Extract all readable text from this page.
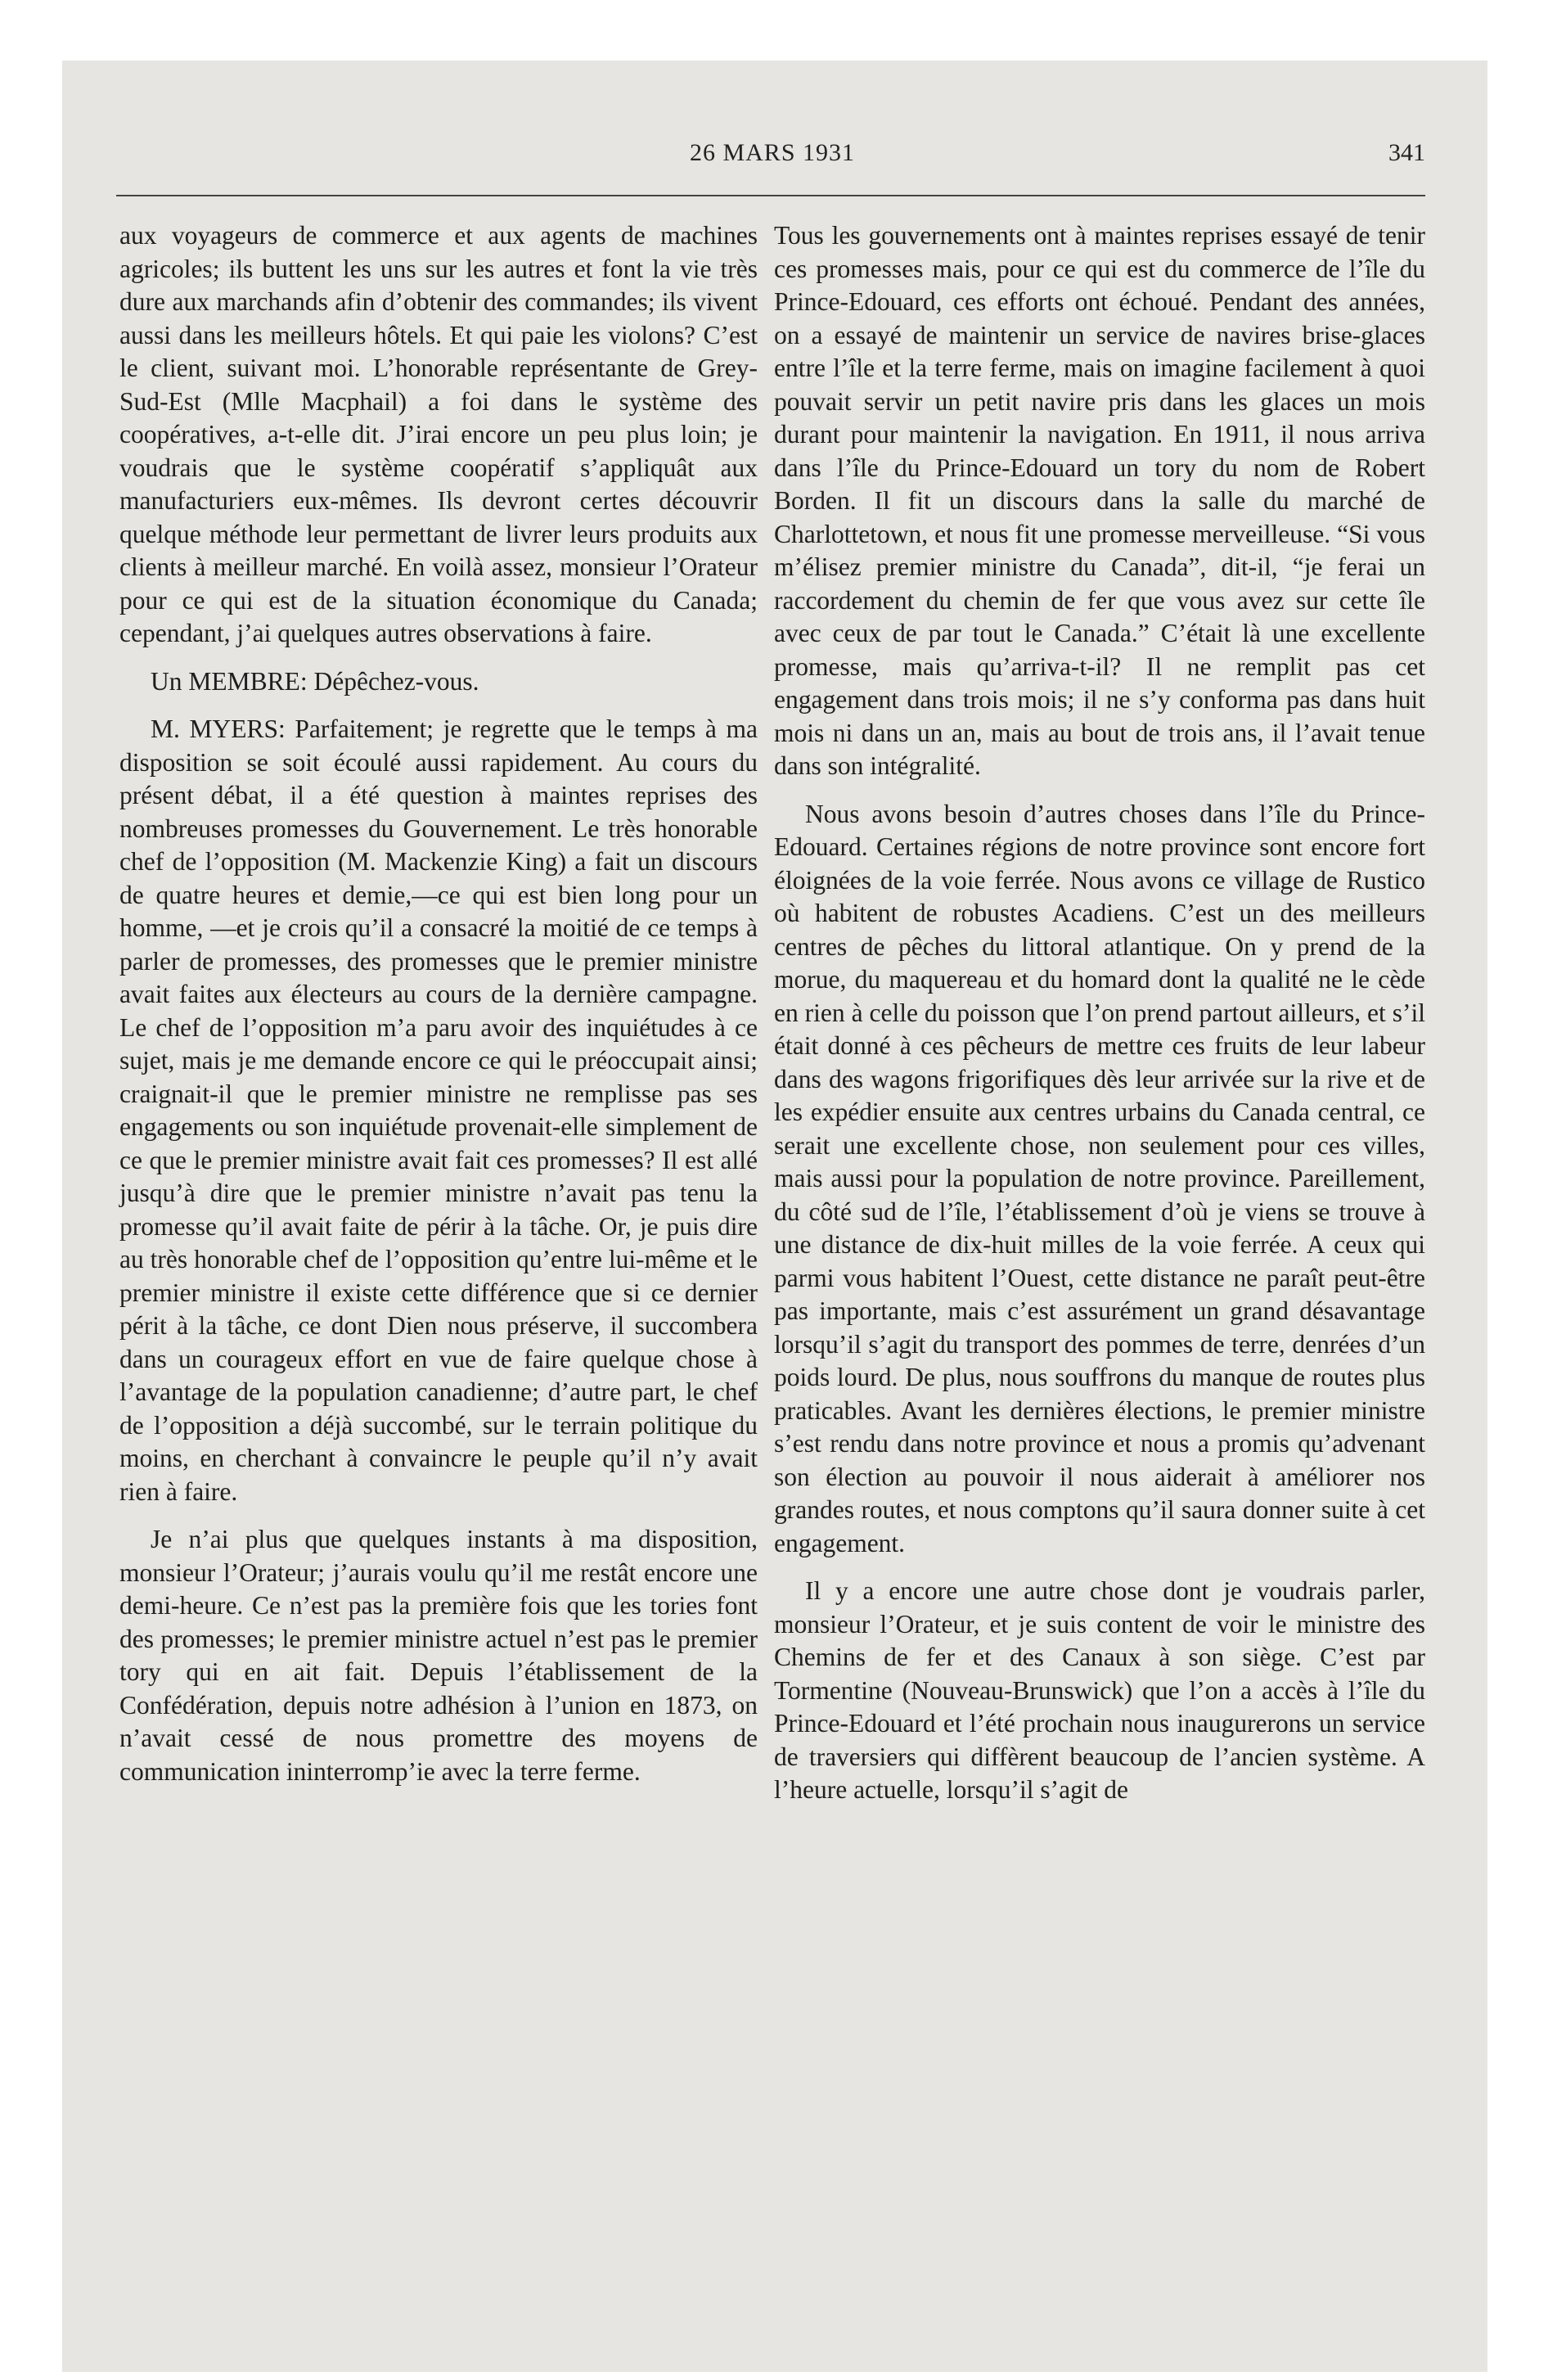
26 MARS 1931	341

aux voyageurs de commerce et aux agents de machines agricoles; ils buttent les uns sur les autres et font la vie très dure aux marchands afin d’obtenir des commandes; ils vivent aussi dans les meilleurs hôtels. Et qui paie les violons? C’est le client, suivant moi. L’honorable représentante de Grey-Sud-Est (Mlle Macphail) a foi dans le système des coopératives, a-t-elle dit. J’irai encore un peu plus loin; je voudrais que le système coopératif s’appliquât aux manufacturiers eux-mêmes. Ils devront certes découvrir quelque méthode leur permettant de livrer leurs produits aux clients à meilleur marché. En voilà assez, monsieur l’Orateur pour ce qui est de la situation économique du Canada; cependant, j’ai quelques autres observations à faire.

Un MEMBRE: Dépêchez-vous.

M. MYERS: Parfaitement; je regrette que le temps à ma disposition se soit écoulé aussi rapidement. Au cours du présent débat, il a été question à maintes reprises des nombreuses promesses du Gouvernement. Le très honorable chef de l’opposition (M. Mackenzie King) a fait un discours de quatre heures et demie,—ce qui est bien long pour un homme, —et je crois qu’il a consacré la moitié de ce temps à parler de promesses, des promesses que le premier ministre avait faites aux électeurs au cours de la dernière campagne. Le chef de l’opposition m’a paru avoir des inquiétudes à ce sujet, mais je me demande encore ce qui le préoccupait ainsi; craignait-il que le premier ministre ne remplisse pas ses engagements ou son inquiétude provenait-elle simplement de ce que le premier ministre avait fait ces promesses? Il est allé jusqu’à dire que le premier ministre n’avait pas tenu la promesse qu’il avait faite de périr à la tâche. Or, je puis dire au très honorable chef de l’opposition qu’entre lui-même et le premier ministre il existe cette différence que si ce dernier périt à la tâche, ce dont Dien nous préserve, il succombera dans un courageux effort en vue de faire quelque chose à l’avantage de la population canadienne; d’autre part, le chef de l’opposition a déjà succombé, sur le terrain politique du moins, en cherchant à convaincre le peuple qu’il n’y avait rien à faire.

Je n’ai plus que quelques instants à ma disposition, monsieur l’Orateur; j’aurais voulu qu’il me restât encore une demi-heure. Ce n’est pas la première fois que les tories font des promesses; le premier ministre actuel n’est pas le premier tory qui en ait fait. Depuis l’établissement de la Confédération, depuis notre adhésion à l’union en 1873, on n’avait cessé de nous promettre des moyens de communication ininterromp’ie avec la terre ferme.

Tous les gouvernements ont à maintes reprises essayé de tenir ces promesses mais, pour ce qui est du commerce de l’île du Prince-Edouard, ces efforts ont échoué. Pendant des années, on a essayé de maintenir un service de navires brise-glaces entre l’île et la terre ferme, mais on imagine facilement à quoi pouvait servir un petit navire pris dans les glaces un mois durant pour maintenir la navigation. En 1911, il nous arriva dans l’île du Prince-Edouard un tory du nom de Robert Borden. Il fit un discours dans la salle du marché de Charlottetown, et nous fit une promesse merveilleuse. “Si vous m’élisez premier ministre du Canada”, dit-il, “je ferai un raccordement du chemin de fer que vous avez sur cette île avec ceux de par tout le Canada.” C’était là une excellente promesse, mais qu’arriva-t-il? Il ne remplit pas cet engagement dans trois mois; il ne s’y conforma pas dans huit mois ni dans un an, mais au bout de trois ans, il l’avait tenue dans son intégralité.

Nous avons besoin d’autres choses dans l’île du Prince-Edouard. Certaines régions de notre province sont encore fort éloignées de la voie ferrée. Nous avons ce village de Rustico où habitent de robustes Acadiens. C’est un des meilleurs centres de pêches du littoral atlantique. On y prend de la morue, du maquereau et du homard dont la qualité ne le cède en rien à celle du poisson que l’on prend partout ailleurs, et s’il était donné à ces pêcheurs de mettre ces fruits de leur labeur dans des wagons frigorifiques dès leur arrivée sur la rive et de les expédier ensuite aux centres urbains du Canada central, ce serait une excellente chose, non seulement pour ces villes, mais aussi pour la population de notre province. Pareillement, du côté sud de l’île, l’établissement d’où je viens se trouve à une distance de dix-huit milles de la voie ferrée. A ceux qui parmi vous habitent l’Ouest, cette distance ne paraît peut-être pas importante, mais c’est assurément un grand désavantage lorsqu’il s’agit du transport des pommes de terre, denrées d’un poids lourd. De plus, nous souffrons du manque de routes plus praticables. Avant les dernières élections, le premier ministre s’est rendu dans notre province et nous a promis qu’advenant son élection au pouvoir il nous aiderait à améliorer nos grandes routes, et nous comptons qu’il saura donner suite à cet engagement.

Il y a encore une autre chose dont je voudrais parler, monsieur l’Orateur, et je suis content de voir le ministre des Chemins de fer et des Canaux à son siège. C’est par Tormentine (Nouveau-Brunswick) que l’on a accès à l’île du Prince-Edouard et l’été prochain nous inaugurerons un service de traversiers qui diffèrent beaucoup de l’ancien système. A l’heure actuelle, lorsqu’il s’agit de
